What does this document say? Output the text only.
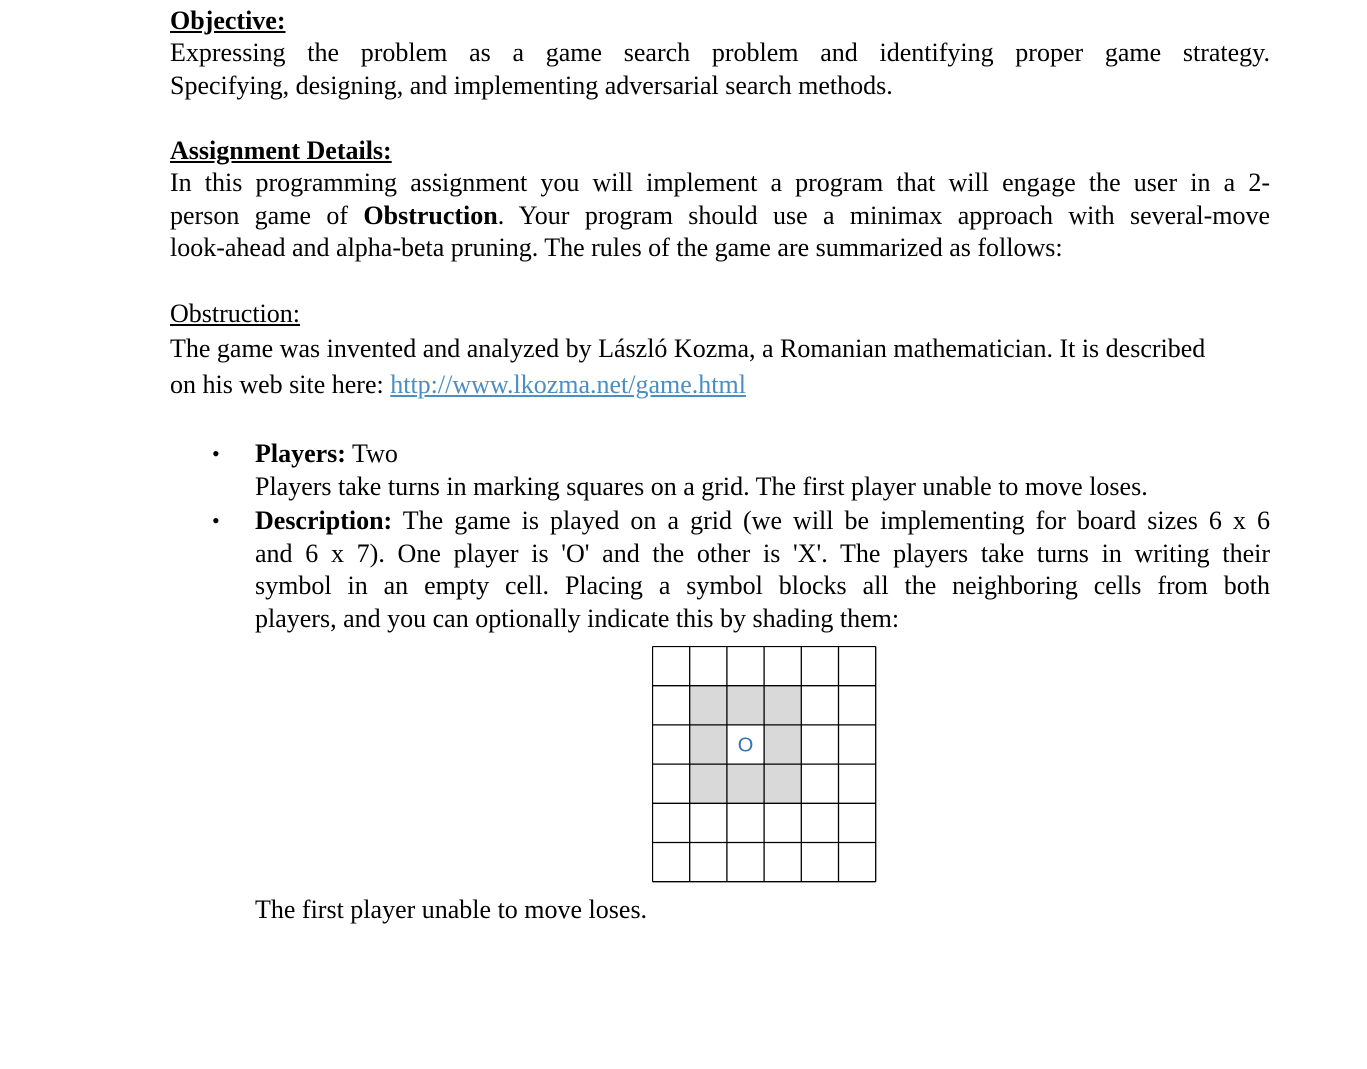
Objective:
Expressing the problem as a game search problem and identifying proper game strategy.
Specifying, designing, and implementing adversarial search methods.
Assignment Details:
In this programming assignment you will implement a program that will engage the user in a 2-
person game of Obstruction. Your program should use a minimax approach with several-move
look-ahead and alpha-beta pruning. The rules of the game are summarized as follows:
Obstruction:
The game was invented and analyzed by László Kozma, a Romanian mathematician. It is described
on his web site here: http://www.lkozma.net/game.html
• Players: Two
Players take turns in marking squares on a grid. The first player unable to move loses.
• Description: The game is played on a grid (we will be implementing for board sizes 6 x 6
and 6 x 7). One player is 'O' and the other is 'X'. The players take turns in writing their
symbol in an empty cell. Placing a symbol blocks all the neighboring cells from both
players, and you can optionally indicate this by shading them:
O
The first player unable to move loses.
